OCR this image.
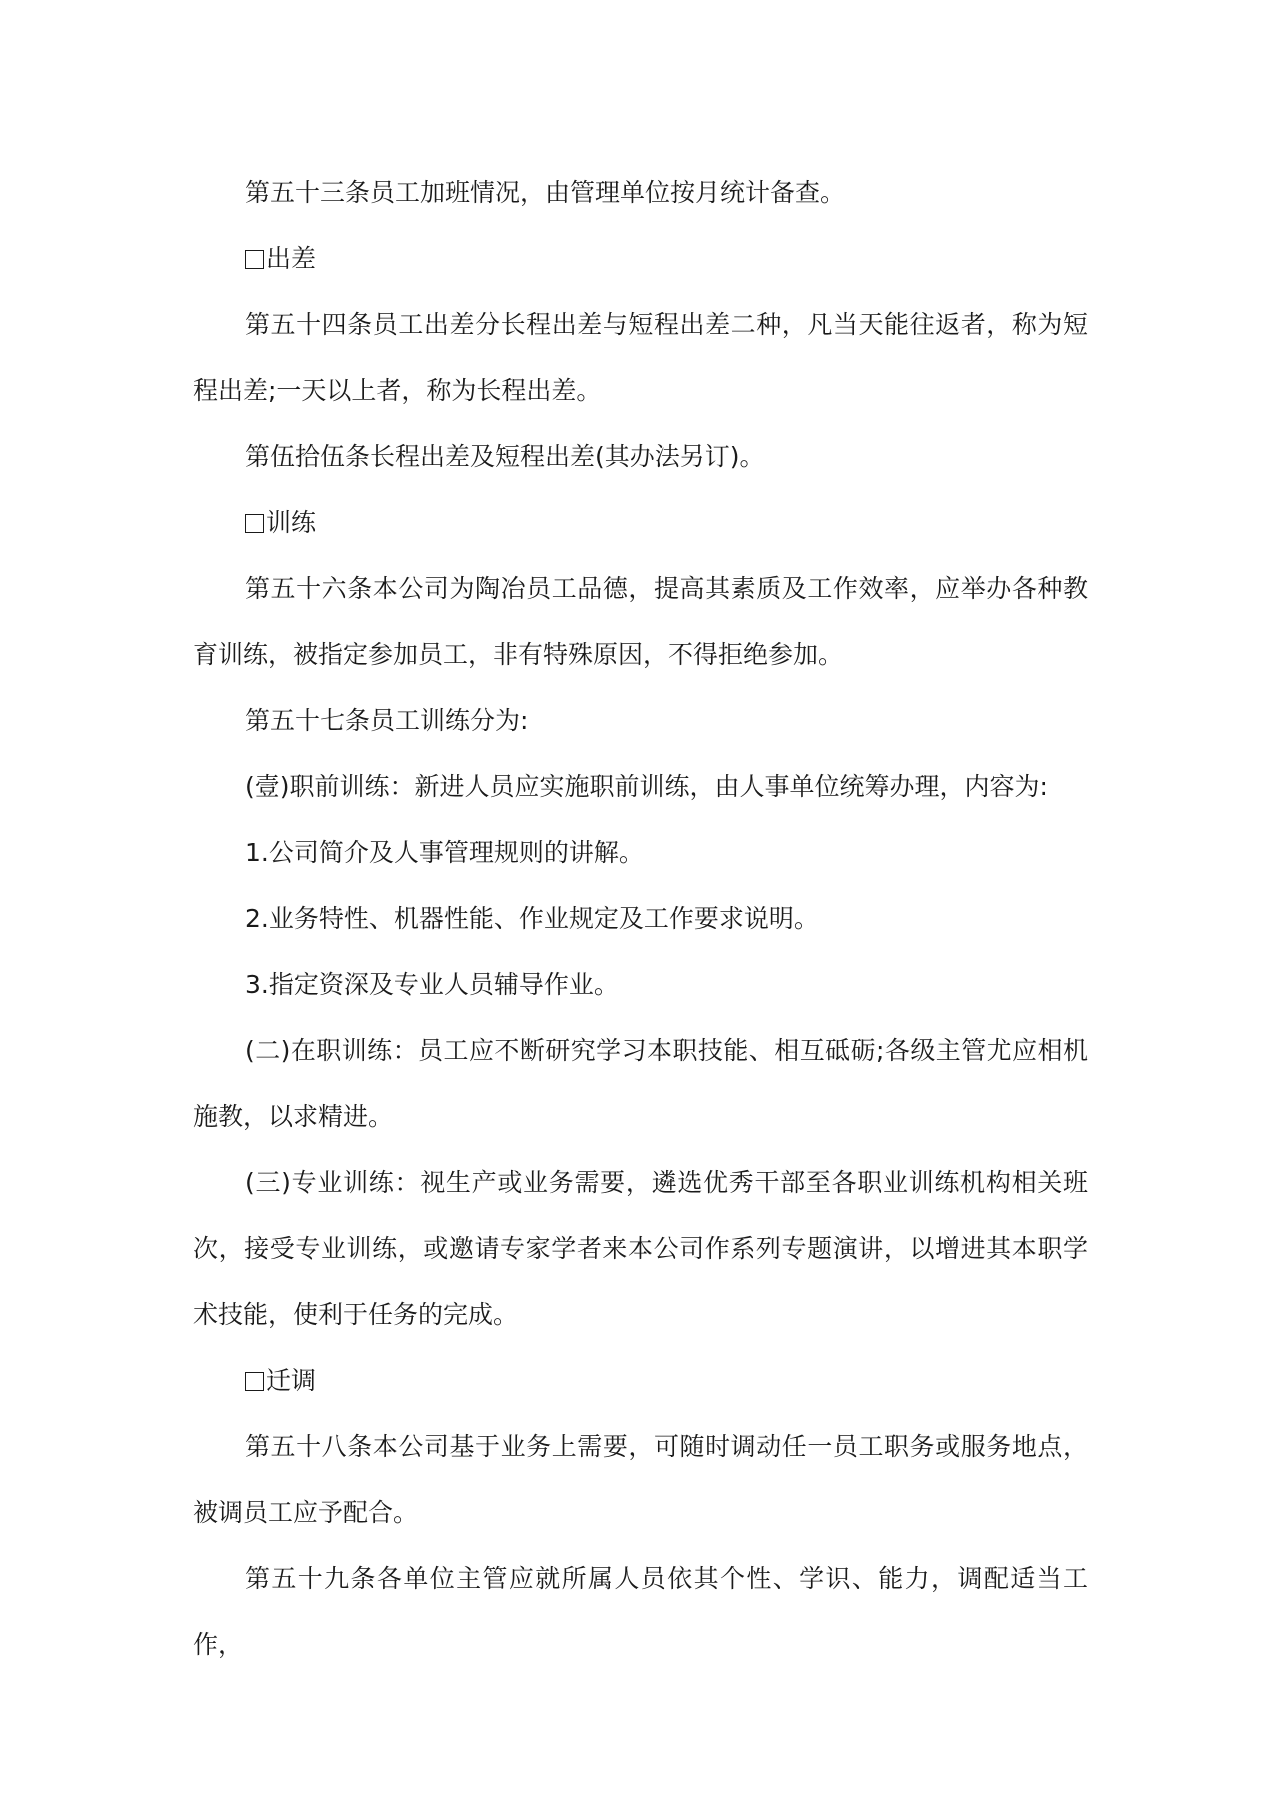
第五十三条员工加班情况，由管理单位按月统计备查。

出差

第五十四条员工出差分长程出差与短程出差二种，凡当天能往返者，称为短程出差;一天以上者，称为长程出差。

第伍拾伍条长程出差及短程出差(其办法另订)。

训练

第五十六条本公司为陶冶员工品德，提高其素质及工作效率，应举办各种教育训练，被指定参加员工，非有特殊原因，不得拒绝参加。

第五十七条员工训练分为:

(壹)职前训练：新进人员应实施职前训练，由人事单位统筹办理，内容为:

1.公司简介及人事管理规则的讲解。

2.业务特性、机器性能、作业规定及工作要求说明。

3.指定资深及专业人员辅导作业。

(二)在职训练：员工应不断研究学习本职技能、相互砥砺;各级主管尤应相机施教，以求精进。

(三)专业训练：视生产或业务需要，遴选优秀干部至各职业训练机构相关班次，接受专业训练，或邀请专家学者来本公司作系列专题演讲，以增进其本职学术技能，使利于任务的完成。

迁调

第五十八条本公司基于业务上需要，可随时调动任一员工职务或服务地点，被调员工应予配合。

第五十九条各单位主管应就所属人员依其个性、学识、能力，调配适当工作，
